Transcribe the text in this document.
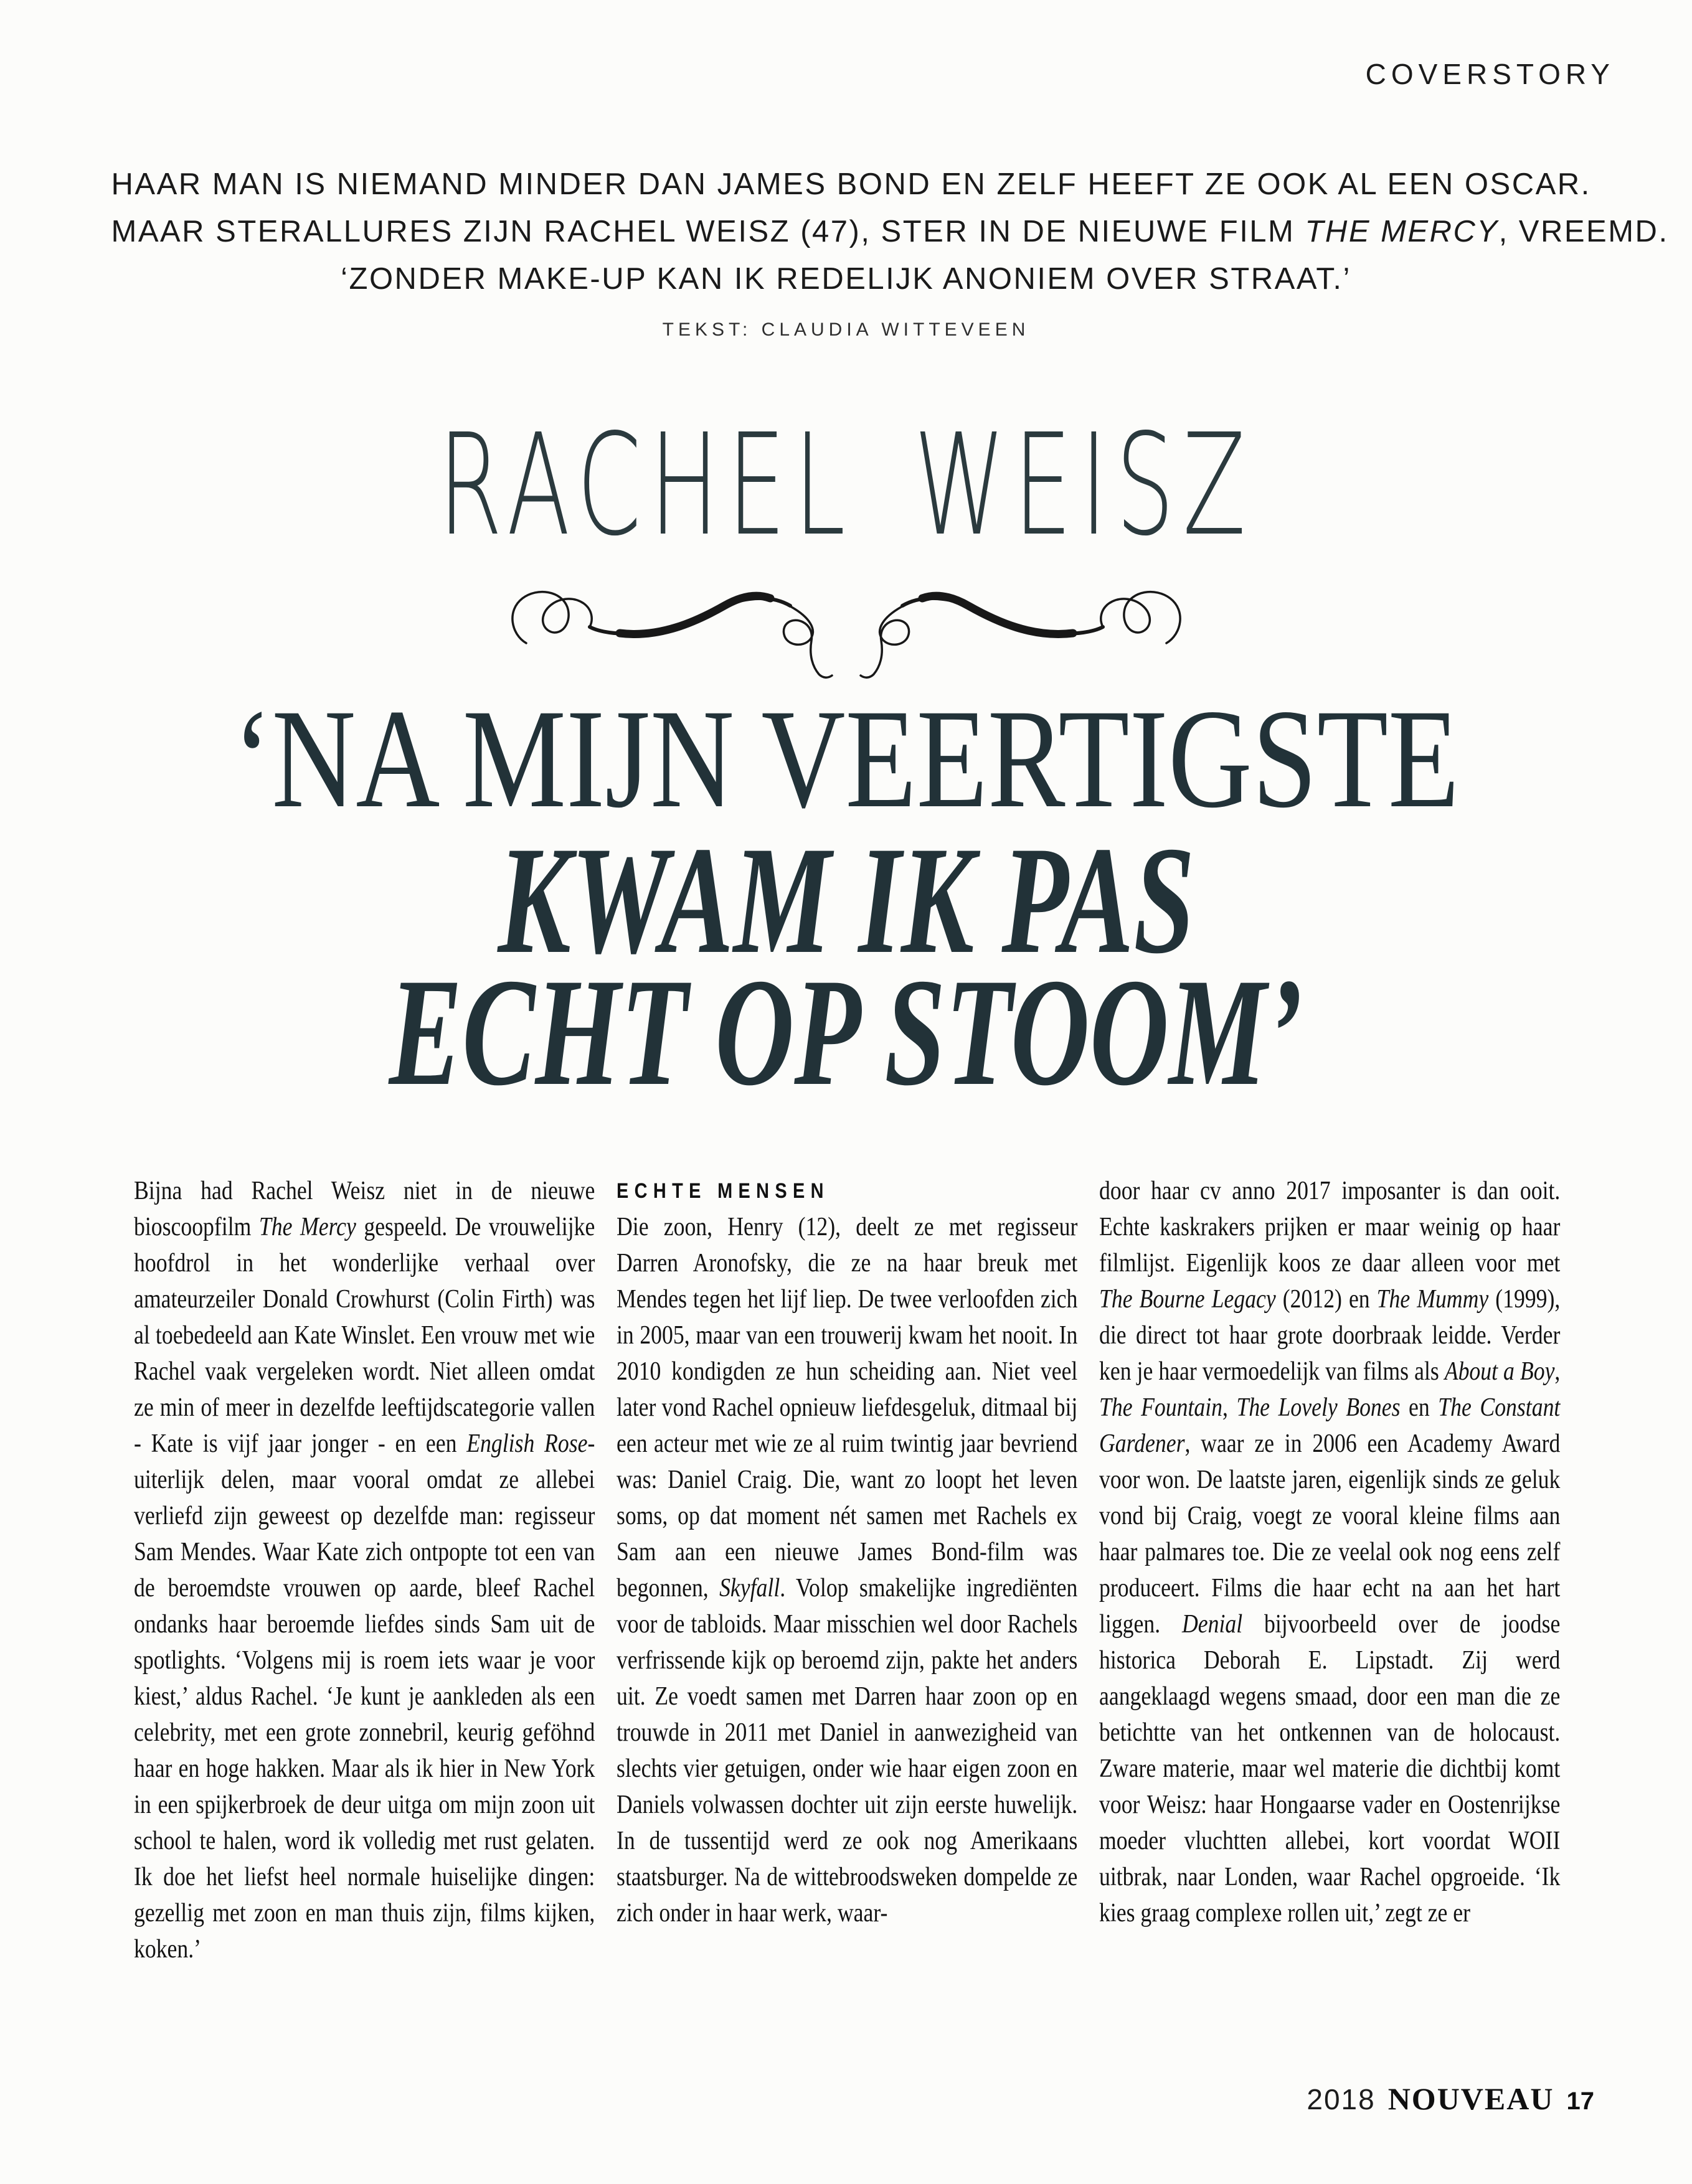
COVERSTORY
HAAR MAN IS NIEMAND MINDER DAN JAMES BOND EN ZELF HEEFT ZE OOK AL EEN OSCAR.
MAAR STERALLURES ZIJN RACHEL WEISZ (47), STER IN DE NIEUWE FILM THE MERCY, VREEMD.
‘ZONDER MAKE-UP KAN IK REDELIJK ANONIEM OVER STRAAT.’
TEKST: CLAUDIA WITTEVEEN
RACHEL WEISZ
‘NA MIJN VEERTIGSTE
KWAM IK PAS
ECHT OP STOOM’
Bijna had Rachel Weisz niet in de nieuwe bioscoopfilm The Mercy gespeeld. De vrouwelijke hoofdrol in het wonderlijke verhaal over amateurzeiler Donald Crowhurst (Colin Firth) was al toebedeeld aan Kate Winslet. Een vrouw met wie Rachel vaak vergeleken wordt. Niet alleen omdat ze min of meer in dezelfde leeftijdscategorie vallen - Kate is vijf jaar jonger - en een English Rose-uiterlijk delen, maar vooral omdat ze allebei verliefd zijn geweest op dezelfde man: regisseur Sam Mendes. Waar Kate zich ontpopte tot een van de beroemdste vrouwen op aarde, bleef Rachel ondanks haar beroemde liefdes sinds Sam uit de spotlights. ‘Volgens mij is roem iets waar je voor kiest,’ aldus Rachel. ‘Je kunt je aankleden als een celebrity, met een grote zonnebril, keurig geföhnd haar en hoge hakken. Maar als ik hier in New York in een spijkerbroek de deur uitga om mijn zoon uit school te halen, word ik volledig met rust gelaten. Ik doe het liefst heel normale huiselijke dingen: gezellig met zoon en man thuis zijn, films kijken, koken.’
ECHTE MENSEN
Die zoon, Henry (12), deelt ze met regisseur Darren Aronofsky, die ze na haar breuk met Mendes tegen het lijf liep. De twee verloofden zich in 2005, maar van een trouwerij kwam het nooit. In 2010 kondigden ze hun scheiding aan. Niet veel later vond Rachel opnieuw liefdesgeluk, ditmaal bij een acteur met wie ze al ruim twintig jaar bevriend was: Daniel Craig. Die, want zo loopt het leven soms, op dat moment nét samen met Rachels ex Sam aan een nieuwe James Bond-film was begonnen, Skyfall. Volop smakelijke ingrediënten voor de tabloids. Maar misschien wel door Rachels verfrissende kijk op beroemd zijn, pakte het anders uit. Ze voedt samen met Darren haar zoon op en trouwde in 2011 met Daniel in aanwezigheid van slechts vier getuigen, onder wie haar eigen zoon en Daniels volwassen dochter uit zijn eerste huwelijk. In de tussentijd werd ze ook nog Amerikaans staatsburger. Na de wittebroodsweken dompelde ze zich onder in haar werk, waar-
door haar cv anno 2017 imposanter is dan ooit. Echte kaskrakers prijken er maar weinig op haar filmlijst. Eigenlijk koos ze daar alleen voor met The Bourne Legacy (2012) en The Mummy (1999), die direct tot haar grote doorbraak leidde. Verder ken je haar vermoedelijk van films als About a Boy, The Fountain, The Lovely Bones en The Constant Gardener, waar ze in 2006 een Academy Award voor won. De laatste jaren, eigenlijk sinds ze geluk vond bij Craig, voegt ze vooral kleine films aan haar palmares toe. Die ze veelal ook nog eens zelf produceert. Films die haar echt na aan het hart liggen. Denial bijvoorbeeld over de joodse historica Deborah E. Lipstadt. Zij werd aangeklaagd wegens smaad, door een man die ze betichtte van het ontkennen van de holocaust. Zware materie, maar wel materie die dichtbij komt voor Weisz: haar Hongaarse vader en Oostenrijkse moeder vluchtten allebei, kort voordat WOII uitbrak, naar Londen, waar Rachel opgroeide. ‘Ik kies graag complexe rollen uit,’ zegt ze er
2018 NOUVEAU 17
